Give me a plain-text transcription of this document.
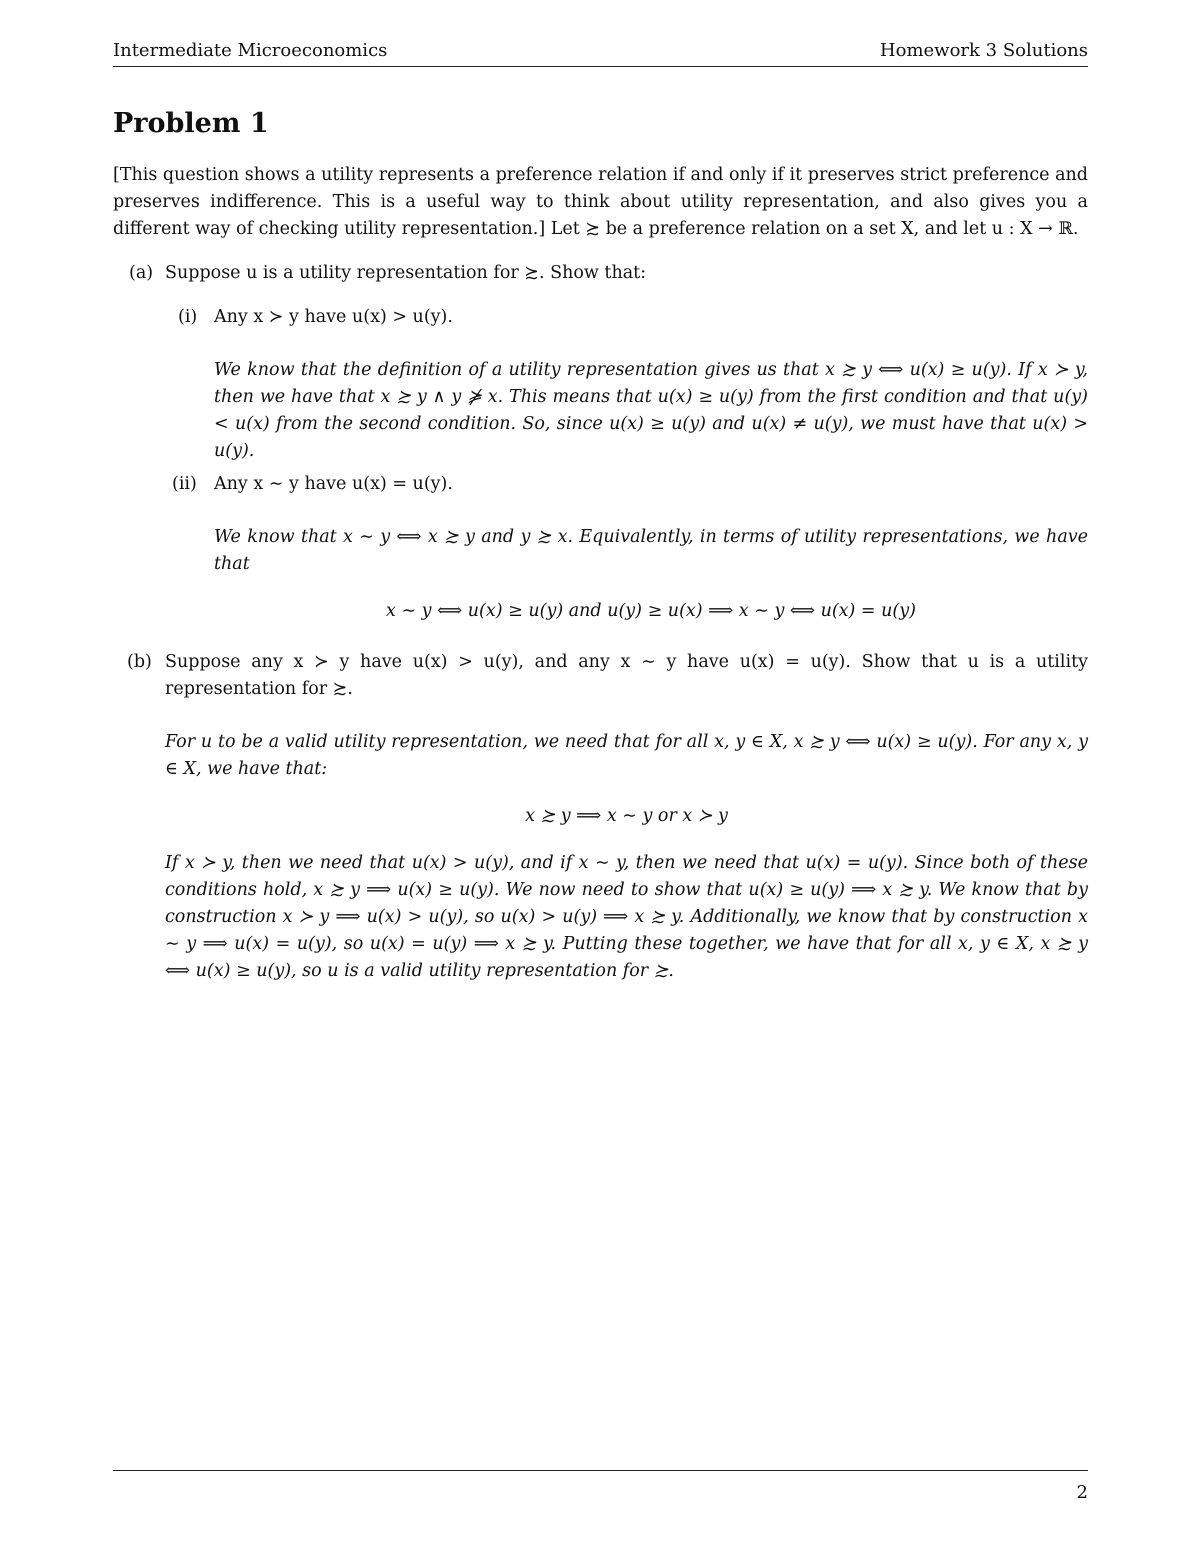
Intermediate Microeconomics	Homework 3 Solutions
Problem 1

[This question shows a utility represents a preference relation if and only if it preserves strict preference and preserves indifference. This is a useful way to think about utility representation, and also gives you a different way of checking utility representation.] Let ≿ be a preference relation on a set X, and let u : X → ℝ.

(a) Suppose u is a utility representation for ≿. Show that:

(i) Any x ≻ y have u(x) > u(y).

We know that the definition of a utility representation gives us that x ≿ y ⟺ u(x) ≥ u(y). If x ≻ y, then we have that x ≿ y ∧ y ⋡ x. This means that u(x) ≥ u(y) from the first condition and that u(y) < u(x) from the second condition. So, since u(x) ≥ u(y) and u(x) ≠ u(y), we must have that u(x) > u(y).

(ii) Any x ∼ y have u(x) = u(y).

We know that x ∼ y ⟺ x ≿ y and y ≿ x. Equivalently, in terms of utility representations, we have that

x ∼ y ⟺ u(x) ≥ u(y) and u(y) ≥ u(x) ⟹ x ∼ y ⟺ u(x) = u(y)
(b) Suppose any x ≻ y have u(x) > u(y), and any x ∼ y have u(x) = u(y). Show that u is a utility representation for ≿.

For u to be a valid utility representation, we need that for all x, y ∈ X, x ≿ y ⟺ u(x) ≥ u(y). For any x, y ∈ X, we have that:

x ≿ y ⟹ x ∼ y or x ≻ y

If x ≻ y, then we need that u(x) > u(y), and if x ∼ y, then we need that u(x) = u(y). Since both of these conditions hold, x ≿ y ⟹ u(x) ≥ u(y). We now need to show that u(x) ≥ u(y) ⟹ x ≿ y. We know that by construction x ≻ y ⟹ u(x) > u(y), so u(x) > u(y) ⟹ x ≿ y. Additionally, we know that by construction x ∼ y ⟹ u(x) = u(y), so u(x) = u(y) ⟹ x ≿ y. Putting these together, we have that for all x, y ∈ X, x ≿ y ⟺ u(x) ≥ u(y), so u is a valid utility representation for ≿.

2
